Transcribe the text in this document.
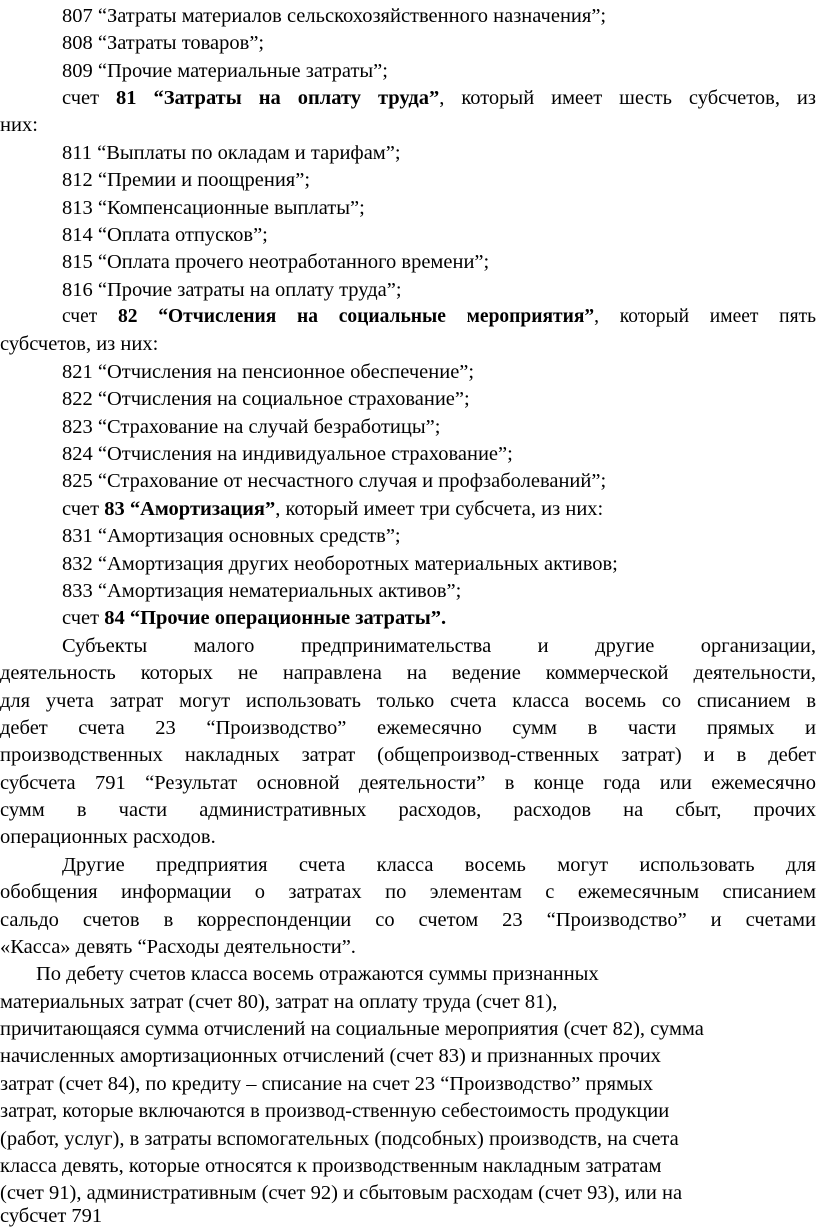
807 “Затраты материалов сельскохозяйственного назначения”;
808 “Затраты товаров”;
809 “Прочие материальные затраты”;
счет 81 “Затраты на оплату труда”, который имеет шесть субсчетов, из
них:
811 “Выплаты по окладам и тарифам”;
812 “Премии и поощрения”;
813 “Компенсационные выплаты”;
814 “Оплата отпусков”;
815 “Оплата прочего неотработанного времени”;
816 “Прочие затраты на оплату труда”;
счет 82 “Отчисления на социальные мероприятия”, который имеет пять
субсчетов, из них:
821 “Отчисления на пенсионное обеспечение”;
822 “Отчисления на социальное страхование”;
823 “Страхование на случай безработицы”;
824 “Отчисления на индивидуальное страхование”;
825 “Страхование от несчастного случая и профзаболеваний”;
счет 83 “Амортизация”, который имеет три субсчета, из них:
831 “Амортизация основных средств”;
832 “Амортизация других необоротных материальных активов;
833 “Амортизация нематериальных активов”;
счет 84 “Прочие операционные затраты”.
Субъекты малого предпринимательства и другие организации,
деятельность которых не направлена на ведение коммерческой деятельности,
для учета затрат могут использовать только счета класса восемь со списанием в
дебет счета 23 “Производство” ежемесячно сумм в части прямых и
производственных накладных затрат (общепроизвод-ственных затрат) и в дебет
субсчета 791 “Результат основной деятельности” в конце года или ежемесячно
сумм в части административных расходов, расходов на сбыт, прочих
операционных расходов.
Другие предприятия счета класса восемь могут использовать для
обобщения информации о затратах по элементам с ежемесячным списанием
сальдо счетов в корреспонденции со счетом 23 “Производство” и счетами
«Касса» девять “Расходы деятельности”.
По дебету счетов класса восемь отражаются суммы признанных
материальных затрат (счет 80), затрат на оплату труда (счет 81),
причитающаяся сумма отчислений на социальные мероприятия (счет 82), сумма
начисленных амортизационных отчислений (счет 83) и признанных прочих
затрат (счет 84), по кредиту – списание на счет 23 “Производство” прямых
затрат, которые включаются в производ-ственную себестоимость продукции
(работ, услуг), в затраты вспомогательных (подсобных) производств, на счета
класса девять, которые относятся к производственным накладным затратам
(счет 91), административным (счет 92) и сбытовым расходам (счет 93), или на
субсчет 791
